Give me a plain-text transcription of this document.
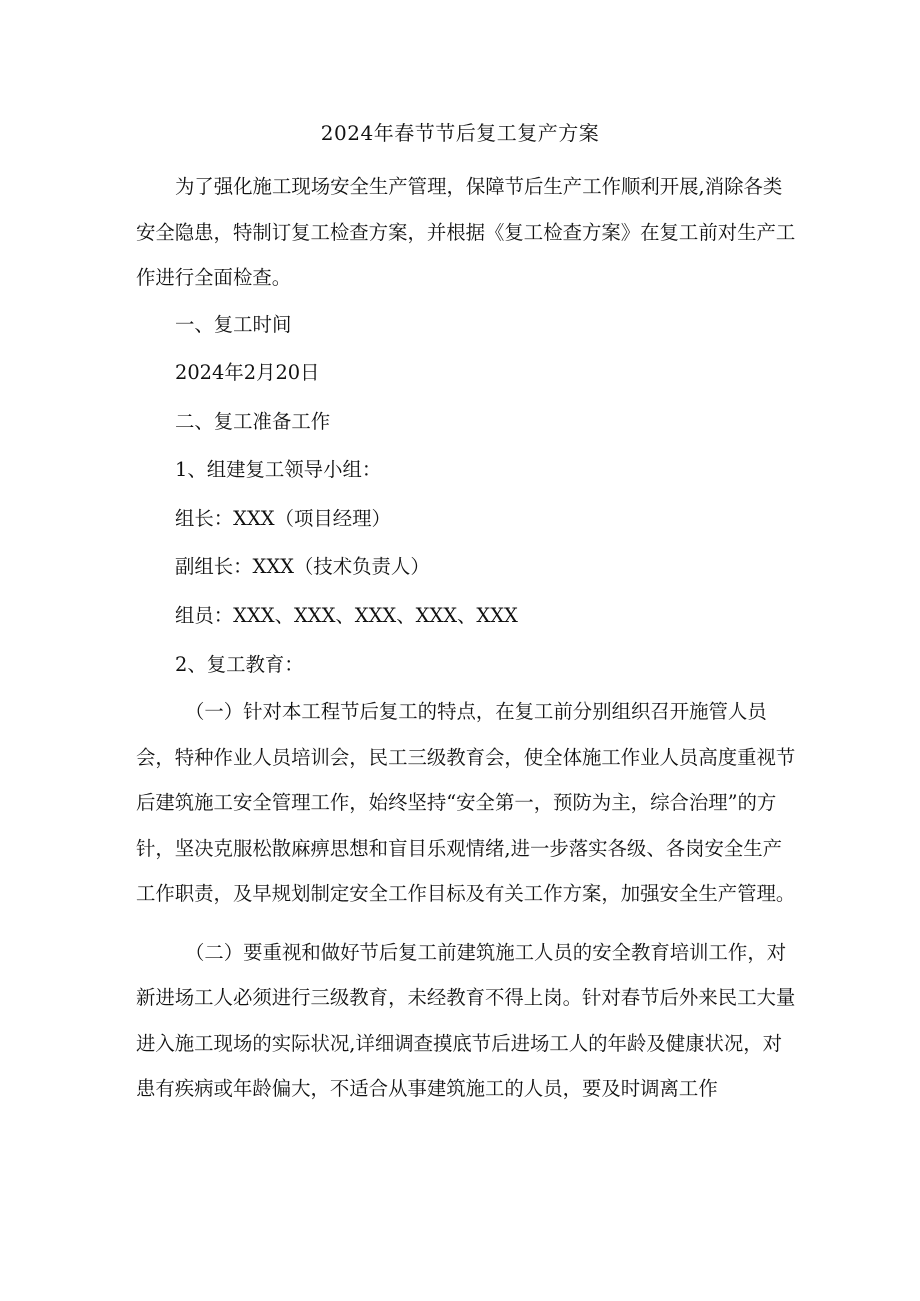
2024年春节节后复工复产方案

为了强化施工现场安全生产管理，保障节后生产工作顺利开展,消除各类安全隐患，特制订复工检查方案，并根据《复工检查方案》在复工前对生产工作进行全面检查。

一、复工时间

2024年2月20日

二、复工准备工作

1、组建复工领导小组：

组长：XXX（项目经理）

副组长：XXX（技术负责人）

组员：XXX、XXX、XXX、XXX、XXX

2、复工教育：

（一）针对本工程节后复工的特点，在复工前分别组织召开施管人员会，特种作业人员培训会，民工三级教育会，使全体施工作业人员高度重视节后建筑施工安全管理工作，始终坚持“安全第一，预防为主，综合治理”的方针，坚决克服松散麻痹思想和盲目乐观情绪,进一步落实各级、各岗安全生产工作职责，及早规划制定安全工作目标及有关工作方案，加强安全生产管理。

（二）要重视和做好节后复工前建筑施工人员的安全教育培训工作，对新进场工人必须进行三级教育，未经教育不得上岗。针对春节后外来民工大量进入施工现场的实际状况,详细调查摸底节后进场工人的年龄及健康状况，对患有疾病或年龄偏大，不适合从事建筑施工的人员，要及时调离工作
